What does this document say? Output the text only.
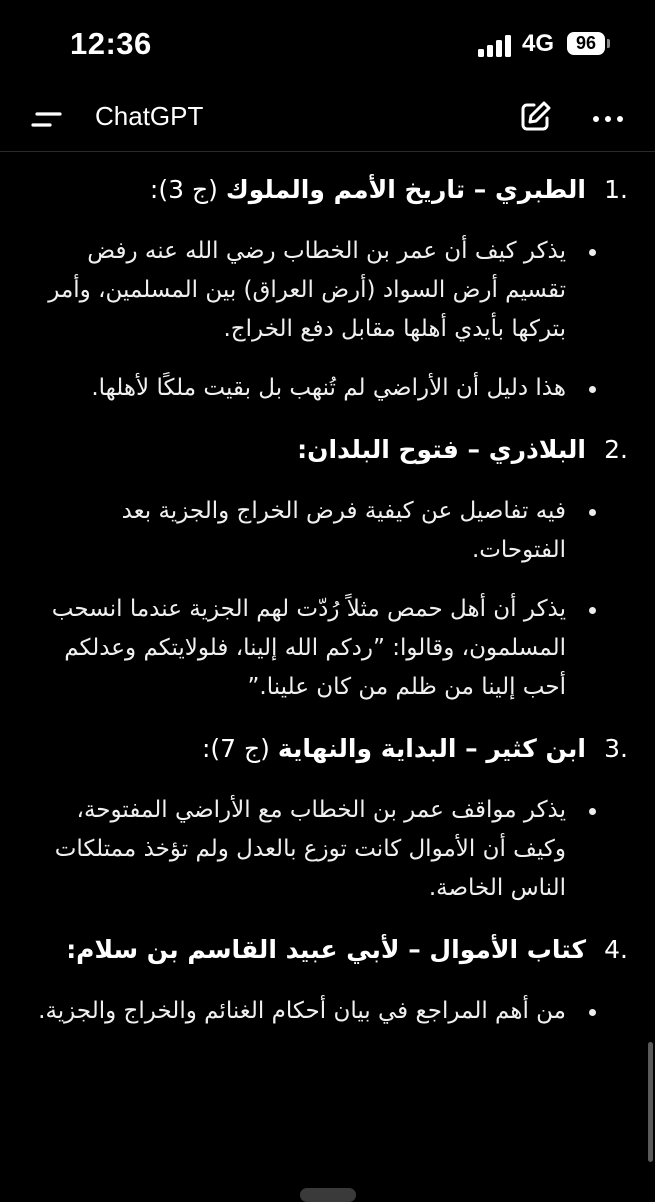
12:36	4G	96
ChatGPT
1.
الطبري – تاريخ الأمم والملوك (ج 3):
يذكر كيف أن عمر بن الخطاب رضي الله عنه رفض تقسيم أرض السواد (أرض العراق) بين المسلمين، وأمر بتركها بأيدي أهلها مقابل دفع الخراج.
هذا دليل أن الأراضي لم تُنهب بل بقيت ملكًا لأهلها.
2.
البلاذري – فتوح البلدان:
فيه تفاصيل عن كيفية فرض الخراج والجزية بعد الفتوحات.
يذكر أن أهل حمص مثلاً رُدّت لهم الجزية عندما انسحب المسلمون، وقالوا: ”ردكم الله إلينا، فلولايتكم وعدلكم أحب إلينا من ظلم من كان علينا.”
3.
ابن كثير – البداية والنهاية (ج 7):
يذكر مواقف عمر بن الخطاب مع الأراضي المفتوحة، وكيف أن الأموال كانت توزع بالعدل ولم تؤخذ ممتلكات الناس الخاصة.
4.
كتاب الأموال – لأبي عبيد القاسم بن سلام:
من أهم المراجع في بيان أحكام الغنائم والخراج والجزية.
